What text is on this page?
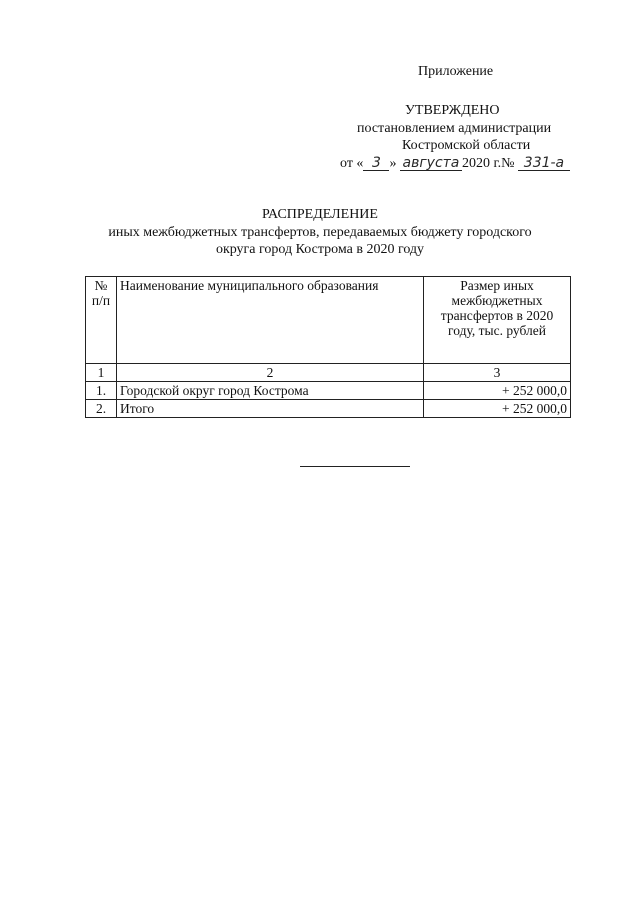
Приложение
УТВЕРЖДЕНО
постановлением администрации
Костромской области
от « 3 » августа 2020 г.№ 331-а
РАСПРЕДЕЛЕНИЕ
иных межбюджетных трансфертов, передаваемых бюджету городского
округа город Кострома в 2020 году
№ п/п	Наименование муниципального образования	Размер иных межбюджетных трансфертов в 2020 году, тыс. рублей
1	2	3
1.	Городской округ город Кострома	+ 252 000,0
2.	Итого	+ 252 000,0
